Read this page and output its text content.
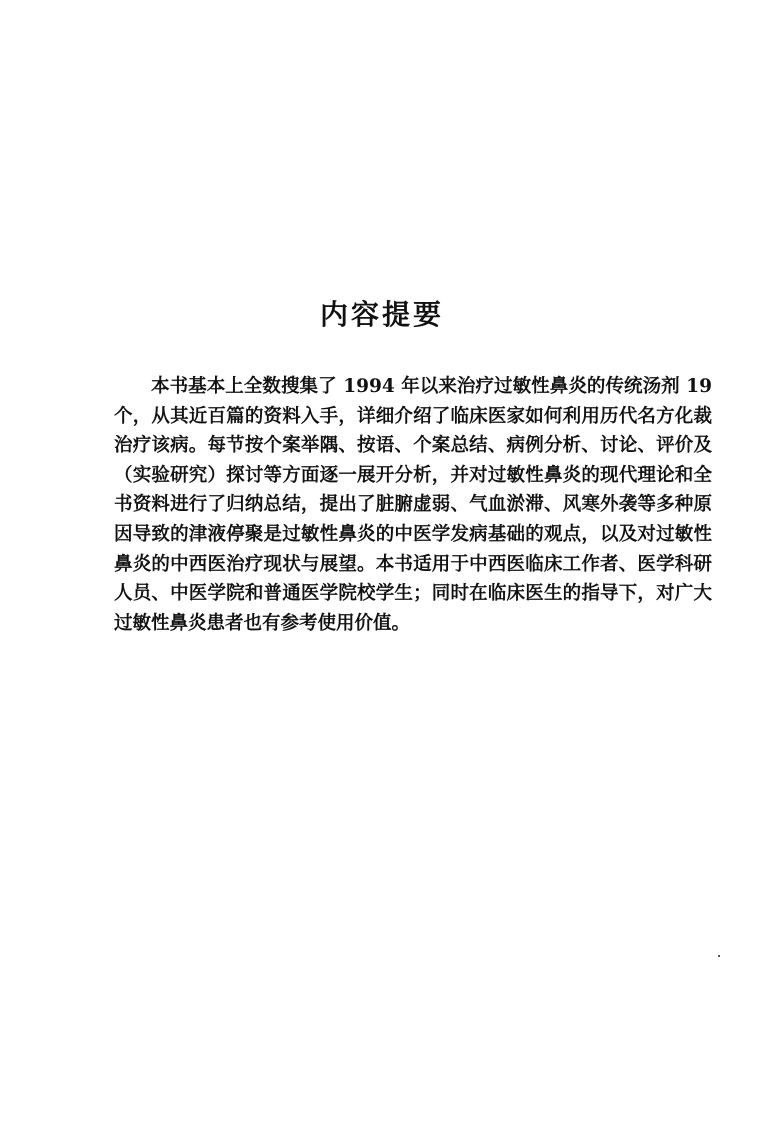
内容提要

本书基本上全数搜集了 1994 年以来治疗过敏性鼻炎的传统汤剂 19 个，从其近百篇的资料入手，详细介绍了临床医家如何利用历代名方化裁治疗该病。每节按个案举隅、按语、个案总结、病例分析、讨论、评价及（实验研究）探讨等方面逐一展开分析，并对过敏性鼻炎的现代理论和全书资料进行了归纳总结，提出了脏腑虚弱、气血淤滞、风寒外袭等多种原因导致的津液停聚是过敏性鼻炎的中医学发病基础的观点，以及对过敏性鼻炎的中西医治疗现状与展望。本书适用于中西医临床工作者、医学科研人员、中医学院和普通医学院校学生；同时在临床医生的指导下，对广大过敏性鼻炎患者也有参考使用价值。
